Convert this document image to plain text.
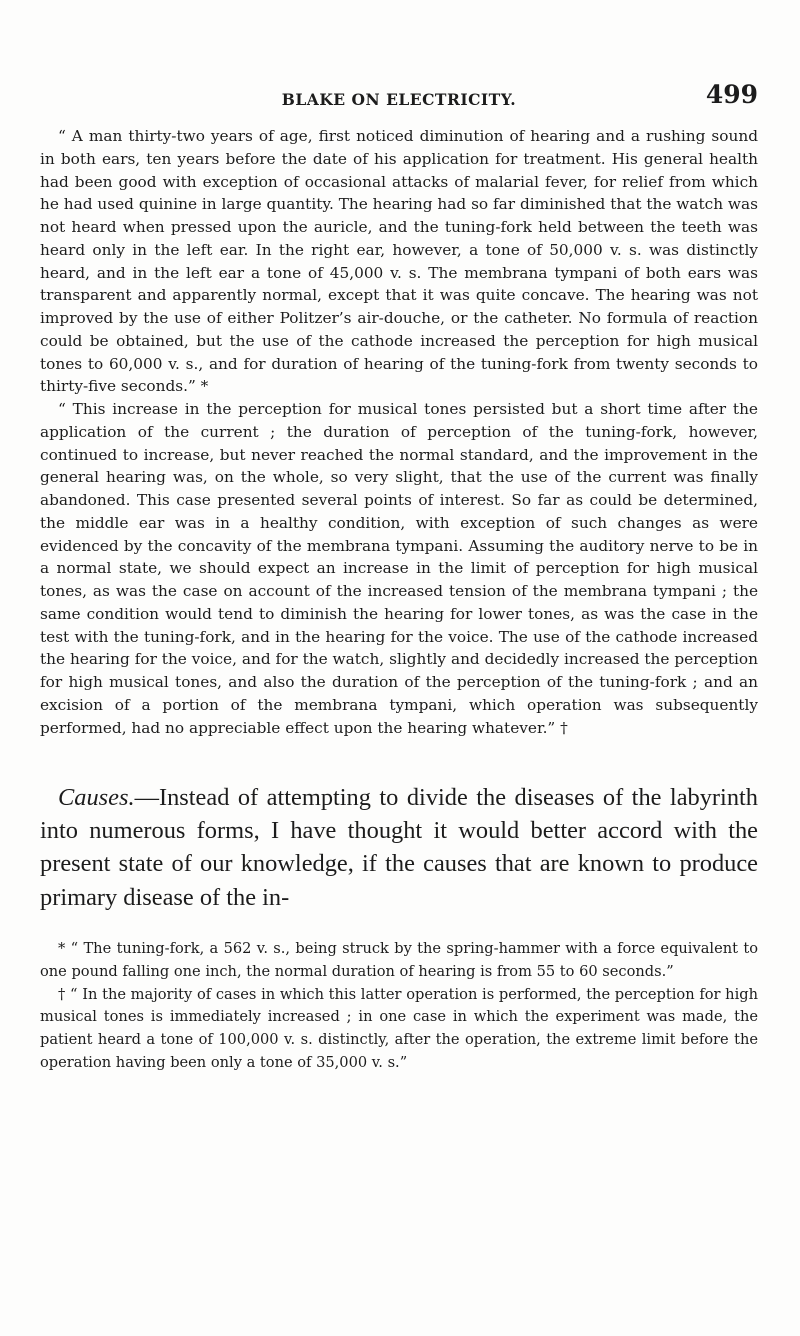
BLAKE ON ELECTRICITY.	499

“ A man thirty-two years of age, first noticed diminution of hearing and a rushing sound in both ears, ten years before the date of his application for treatment. His general health had been good with exception of occasional attacks of malarial fever, for relief from which he had used quinine in large quantity. The hearing had so far diminished that the watch was not heard when pressed upon the auricle, and the tuning-fork held between the teeth was heard only in the left ear. In the right ear, however, a tone of 50,000 v. s. was distinctly heard, and in the left ear a tone of 45,000 v. s. The membrana tympani of both ears was transparent and apparently normal, except that it was quite concave. The hearing was not improved by the use of either Politzer’s air-douche, or the catheter. No formula of reaction could be obtained, but the use of the cathode increased the perception for high musical tones to 60,000 v. s., and for duration of hearing of the tuning-fork from twenty seconds to thirty-five seconds.” *

“ This increase in the perception for musical tones persisted but a short time after the application of the current ; the duration of perception of the tuning-fork, however, continued to increase, but never reached the normal standard, and the improvement in the general hearing was, on the whole, so very slight, that the use of the current was finally abandoned. This case presented several points of interest. So far as could be determined, the middle ear was in a healthy condition, with exception of such changes as were evidenced by the concavity of the membrana tympani. Assuming the auditory nerve to be in a normal state, we should expect an increase in the limit of perception for high musical tones, as was the case on account of the increased tension of the membrana tympani ; the same condition would tend to diminish the hearing for lower tones, as was the case in the test with the tuning-fork, and in the hearing for the voice. The use of the cathode increased the hearing for the voice, and for the watch, slightly and decidedly increased the perception for high musical tones, and also the duration of the perception of the tuning-fork ; and an excision of a portion of the membrana tympani, which operation was subsequently performed, had no appreciable effect upon the hearing whatever.” †

Causes.—Instead of attempting to divide the diseases of the labyrinth into numerous forms, I have thought it would better accord with the present state of our knowledge, if the causes that are known to produce primary disease of the in-

* “ The tuning-fork, a 562 v. s., being struck by the spring-hammer with a force equivalent to one pound falling one inch, the normal duration of hearing is from 55 to 60 seconds.”

† “ In the majority of cases in which this latter operation is performed, the perception for high musical tones is immediately increased ; in one case in which the experiment was made, the patient heard a tone of 100,000 v. s. distinctly, after the operation, the extreme limit before the operation having been only a tone of 35,000 v. s.”
